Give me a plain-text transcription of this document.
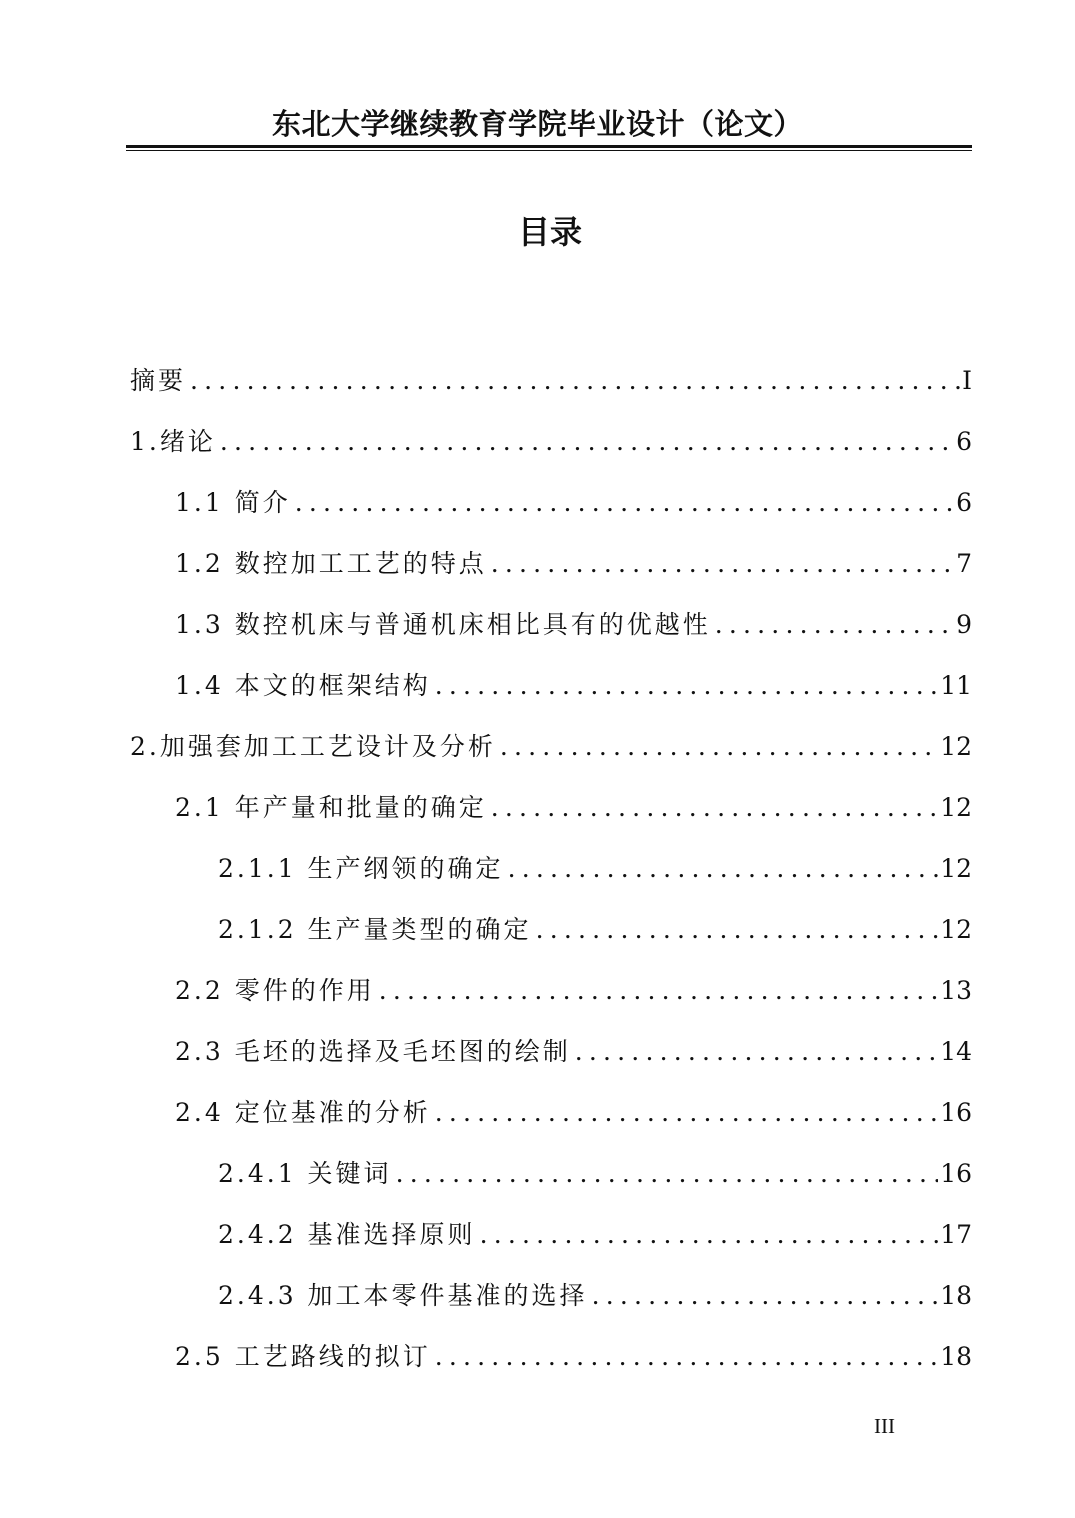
东北大学继续教育学院毕业设计（论文）
目录
摘要 .....	I
1.绪论 .....	6
1.1 简介 .....	6
1.2 数控加工工艺的特点 .....	7
1.3 数控机床与普通机床相比具有的优越性 .....	9
1.4 本文的框架结构 .....	11
2.加强套加工工艺设计及分析 .....	12
2.1 年产量和批量的确定 .....	12
2.1.1 生产纲领的确定 .....	12
2.1.2 生产量类型的确定 .....	12
2.2 零件的作用 .....	13
2.3 毛坯的选择及毛坯图的绘制 .....	14
2.4 定位基准的分析 .....	16
2.4.1 关键词 .....	16
2.4.2 基准选择原则 .....	17
2.4.3 加工本零件基准的选择 .....	18
2.5 工艺路线的拟订 .....	18
III
